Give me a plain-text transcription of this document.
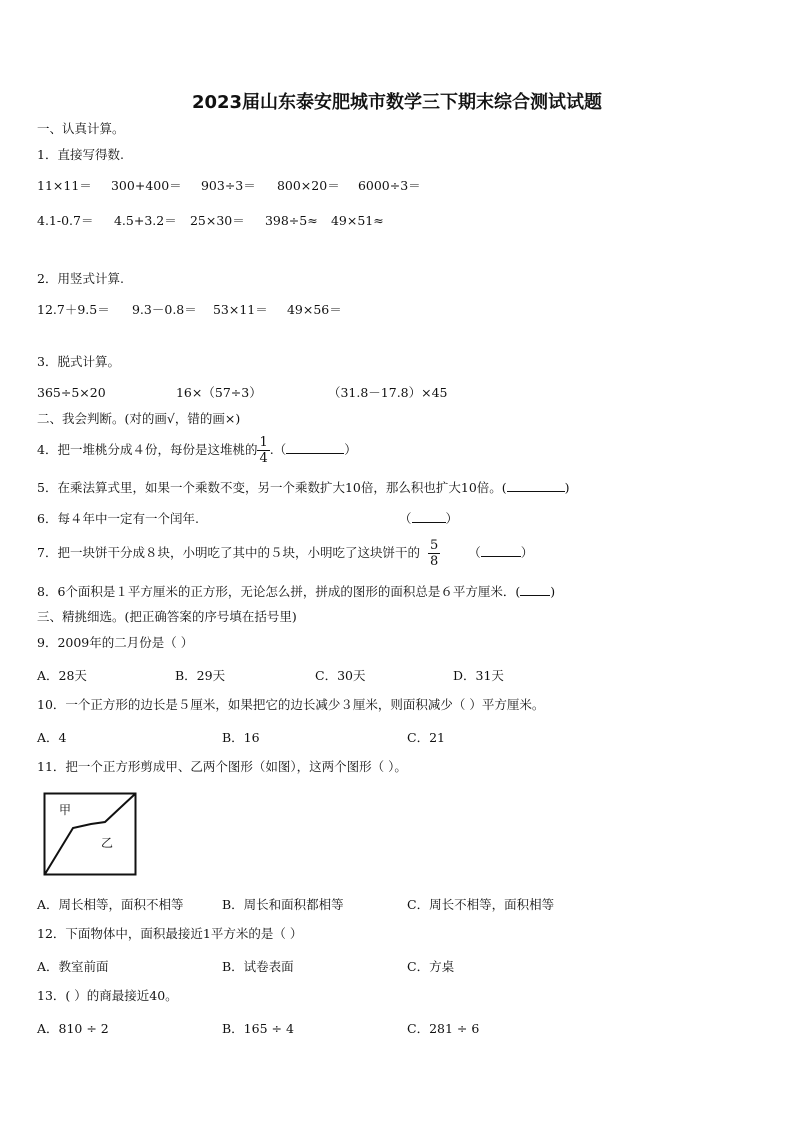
2023届山东泰安肥城市数学三下期末综合测试试题
一、认真计算。
1．直接写得数.
11×11＝ 300+400＝ 903÷3＝ 800×20＝ 6000÷3＝
4.1-0.7＝ 4.5+3.2＝ 25×30＝ 398÷5≈ 49×51≈
2．用竖式计算.
12.7＋9.5＝ 9.3－0.8＝ 53×11＝ 49×56＝
3．脱式计算。
365÷5×20	16×（57÷3）	（31.8－17.8）×45
二、我会判断。(对的画√，错的画×)
4．把一堆桃分成４份，每份是这堆桃的 $\frac{1}{4}$ .（	）
5．在乘法算式里，如果一个乘数不变，另一个乘数扩大10倍，那么积也扩大10倍。(	)
6．每４年中一定有一个闰年.	（	）
7．把一块饼干分成８块，小明吃了其中的５块，小明吃了这块饼干的 $\frac{5}{8}$ （	）
8．6个面积是１平方厘米的正方形，无论怎么拼，拼成的图形的面积总是６平方厘米．( )
三、精挑细选。(把正确答案的序号填在括号里)
9．2009年的二月份是（ ）
A．28天	B．29天	C．30天	D．31天
10．一个正方形的边长是５厘米，如果把它的边长减少３厘米，则面积减少（ ）平方厘米。
A．4	B．16	C．21
11．把一个正方形剪成甲、乙两个图形（如图），这两个图形（ ）。
甲
乙
A．周长相等，面积不相等	B．周长和面积都相等	C．周长不相等，面积相等
12．下面物体中，面积最接近1平方米的是（ ）
A．教室前面	B．试卷表面	C．方桌
13．( ）的商最接近40。
A．810 ÷ 2	B．165 ÷ 4	C．281 ÷ 6
